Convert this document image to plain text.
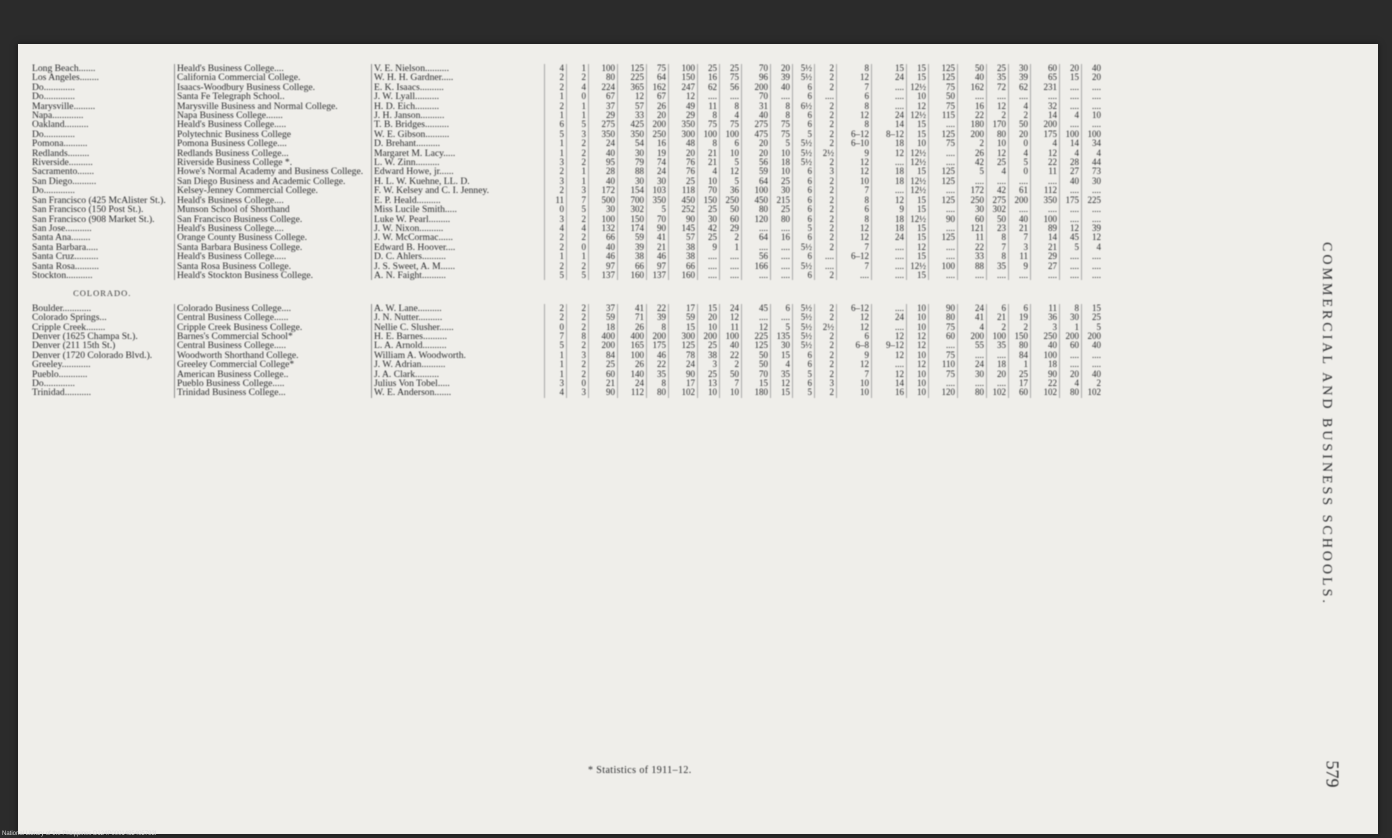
Long Beach.......	Heald's Business College....	V. E. Nielson..........	4	1	100	125	75	100	25	25	70	20	5½	2	8	15	15	125	50	25	30	60	20	40
Los Angeles........	California Commercial College.	W. H. H. Gardner.....	2	2	80	225	64	150	16	75	96	39	5½	2	12	24	15	125	40	35	39	65	15	20
Do.............	Isaacs-Woodbury Business College.	E. K. Isaacs..........	2	4	224	365	162	247	62	56	200	40	6	2	7	....	12½	75	162	72	62	231	....	....
Do.............	Santa Fe Telegraph School..	J. W. Lyall..........	1	0	67	12	67	12	....	....	70	....	6	....	6	....	10	50	....	....	....	....	....	....
Marysville.........	Marysville Business and Normal College.	H. D. Eich..........	2	1	37	57	26	49	11	8	31	8	6½	2	8	....	12	75	16	12	4	32	....	....
Napa.............	Napa Business College.......	J. H. Janson..........	1	1	29	33	20	29	8	4	40	8	6	2	12	24	12½	115	22	2	2	14	4	10
Oakland..........	Heald's Business College.....	T. B. Bridges..........	6	5	275	425	200	350	75	75	275	75	6	2	8	14	15	....	180	170	50	200	....	....
Do.............	Polytechnic Business College	W. E. Gibson..........	5	3	350	350	250	300	100	100	475	75	5	2	6–12	8–12	15	125	200	80	20	175	100	100
Pomona..........	Pomona Business College....	D. Brehant..........	1	2	24	54	16	48	8	6	20	5	5½	2	6–10	18	10	75	2	10	0	4	14	34
Redlands.........	Redlands Business College...	Margaret M. Lacy.....	1	2	40	30	19	20	21	10	20	10	5½	2½	9	12	12½	....	26	12	4	12	4	4
Riverside..........	Riverside Business College *.	L. W. Zinn..........	3	2	95	79	74	76	21	5	56	18	5½	2	12	....	12½	....	42	25	5	22	28	44
Sacramento.......	Howe's Normal Academy and Business College.	Edward Howe, jr......	2	1	28	88	24	76	4	12	59	10	6	3	12	18	15	125	5	4	0	11	27	73
San Diego..........	San Diego Business and Academic College.	H. L. W. Kuehne, LL. D.	3	1	40	30	30	25	10	5	64	25	6	2	10	18	12½	125	....	....	....	....	40	30
Do.............	Kelsey-Jenney Commercial College.	F. W. Kelsey and C. I. Jenney.	2	3	172	154	103	118	70	36	100	30	6	2	7	....	12½	....	172	42	61	112	....	....
San Francisco (425 McAlister St.).	Heald's Business College....	E. P. Heald..........	11	7	500	700	350	450	150	250	450	215	6	2	8	12	15	125	250	275	200	350	175	225
San Francisco (150 Post St.).	Munson School of Shorthand	Miss Lucile Smith.....	0	5	30	302	5	252	25	50	80	25	6	2	6	9	15	....	30	302	....	....	....	....
San Francisco (908 Market St.).	San Francisco Business College.	Luke W. Pearl.........	3	2	100	150	70	90	30	60	120	80	6	2	8	18	12½	90	60	50	40	100	....	....
San Jose...........	Heald's Business College....	J. W. Nixon..........	4	4	132	174	90	145	42	29	....	....	5	2	12	18	15	....	121	23	21	89	12	39
Santa Ana........	Orange County Business College.	J. W. McCormac......	2	2	66	59	41	57	25	2	64	16	6	2	12	24	15	125	11	8	7	14	45	12
Santa Barbara.....	Santa Barbara Business College.	Edward B. Hoover....	2	0	40	39	21	38	9	1	....	....	5½	2	7	....	12	....	22	7	3	21	5	4
Santa Cruz..........	Heald's Business College.....	D. C. Ahlers..........	1	1	46	38	46	38	....	....	56	....	6	....	6–12	....	15	....	33	8	11	29	....	....
Santa Rosa..........	Santa Rosa Business College.	J. S. Sweet, A. M......	2	2	97	66	97	66	....	....	166	....	5½	....	7	....	12½	100	88	35	9	27	....	....
Stockton...........	Heald's Stockton Business College.	A. N. Faight..........	5	5	137	160	137	160	....	....	....	....	6	2	....	....	15	....	....	....	....	....	....	....
COLORADO.																								
Boulder............	Colorado Business College....	A. W. Lane..........	2	2	37	41	22	17	15	24	45	6	5½	2	6–12	....	10	90	24	6	6	11	8	15
Colorado Springs...	Central Business College......	J. N. Nutter..........	2	2	59	71	39	59	20	12	....	....	5½	2	12	24	10	80	41	21	19	36	30	25
Cripple Creek........	Cripple Creek Business College.	Nellie C. Slusher......	0	2	18	26	8	15	10	11	12	5	5½	2½	12	....	10	75	4	2	2	3	1	5
Denver (1625 Champa St.).	Barnes's Commercial School*	H. E. Barnes..........	7	8	400	400	200	300	200	100	225	135	5½	2	6	12	12	60	200	100	150	250	200	200
Denver (211 15th St.)	Central Business College.....	L. A. Arnold..........	5	2	200	165	175	125	25	40	125	30	5½	2	6–8	9–12	12	....	55	35	80	40	60	40
Denver (1720 Colorado Blvd.).	Woodworth Shorthand College.	William A. Woodworth.	1	3	84	100	46	78	38	22	50	15	6	2	9	12	10	75	....	....	84	100	....	....
Greeley............	Greeley Commercial College*	J. W. Adrian..........	1	2	25	26	22	24	3	2	50	4	6	2	12	....	12	110	24	18	1	18	....	....
Pueblo............	American Business College..	J. A. Clark..........	1	2	60	140	35	90	25	50	70	35	5	2	7	12	10	75	30	20	25	90	20	40
Do.............	Pueblo Business College.....	Julius Von Tobel.....	3	0	21	24	8	17	13	7	15	12	6	3	10	14	10	....	....	....	17	22	4	2
Trinidad...........	Trinidad Business College...	W. E. Anderson.......	4	3	90	112	80	102	10	10	180	15	5	2	10	16	10	120	80	102	60	102	80	102
* Statistics of 1911–12.
COMMERCIAL AND BUSINESS SCHOOLS.
579
National Library of the Philippines D124P0001485405793I
